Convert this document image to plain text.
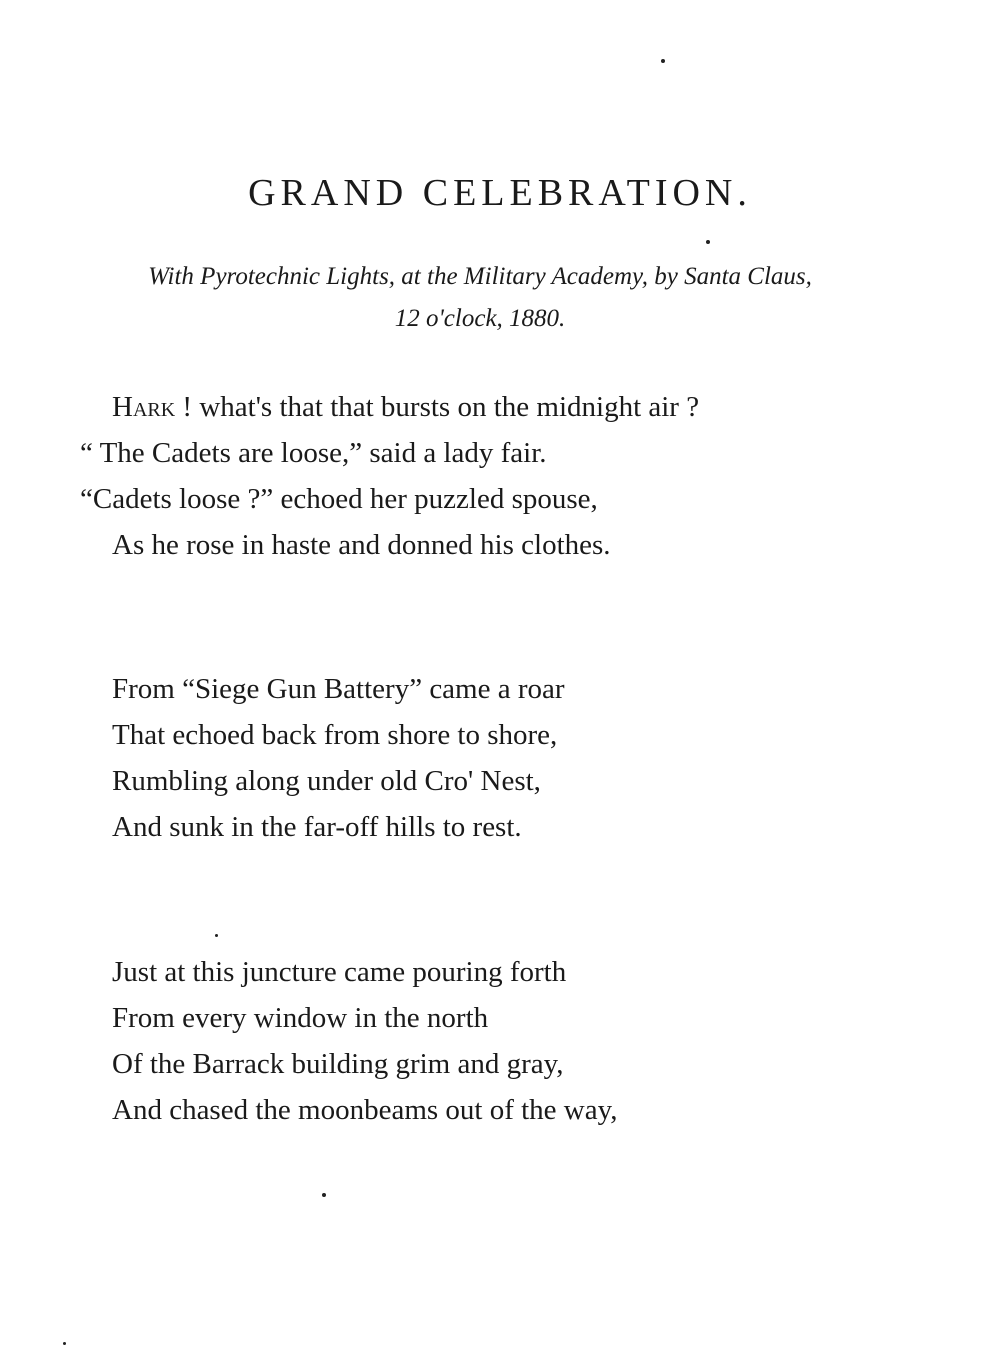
GRAND CELEBRATION.
With Pyrotechnic Lights, at the Military Academy, by Santa Claus,
12 o'clock, 1880.
Hark ! what's that that bursts on the midnight air ?
“ The Cadets are loose,” said a lady fair.
“Cadets loose ?” echoed her puzzled spouse,
As he rose in haste and donned his clothes.
From “Siege Gun Battery” came a roar
That echoed back from shore to shore,
Rumbling along under old Cro' Nest,
And sunk in the far-off hills to rest.
Just at this juncture came pouring forth
From every window in the north
Of the Barrack building grim and gray,
And chased the moonbeams out of the way,
